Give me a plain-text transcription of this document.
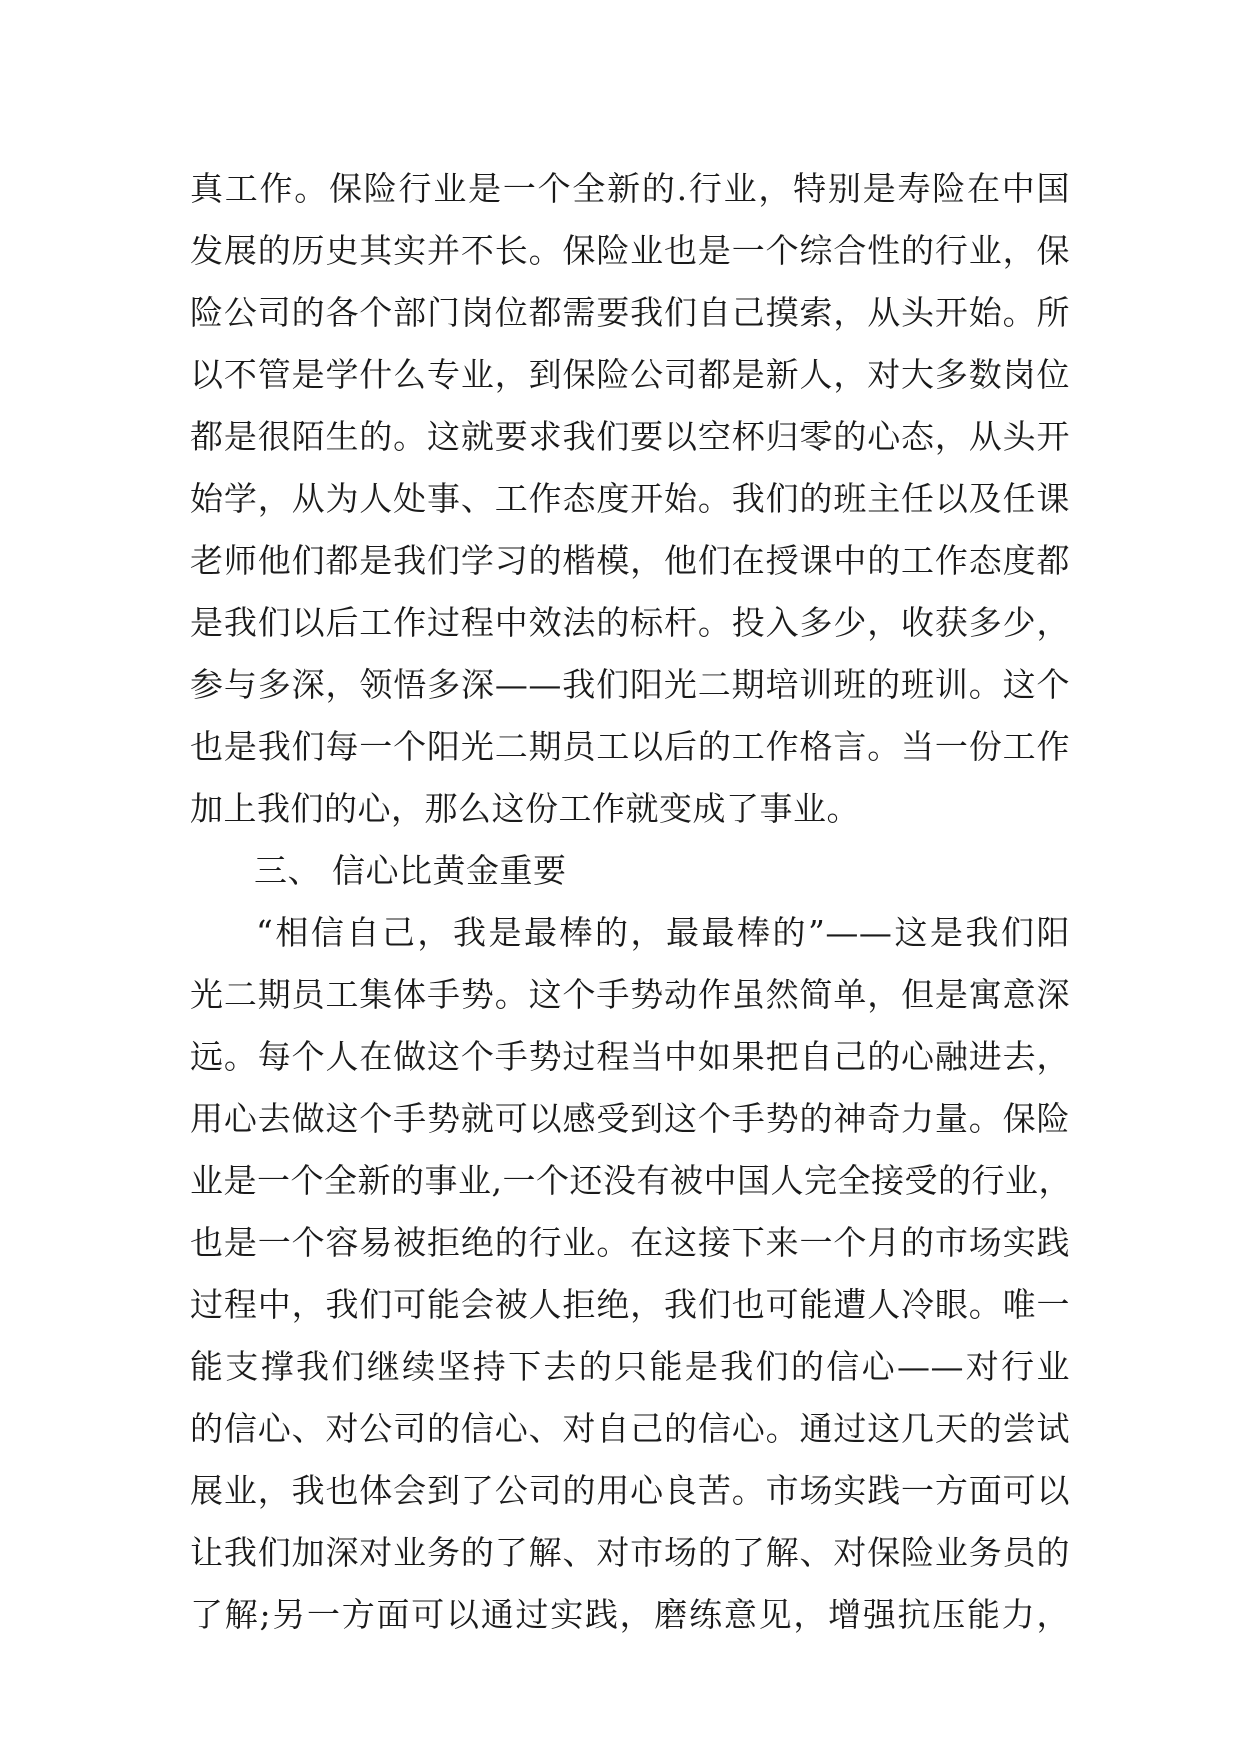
真工作。保险行业是一个全新的.行业，特别是寿险在中国
发展的历史其实并不长。保险业也是一个综合性的行业，保
险公司的各个部门岗位都需要我们自己摸索，从头开始。所
以不管是学什么专业，到保险公司都是新人，对大多数岗位
都是很陌生的。这就要求我们要以空杯归零的心态，从头开
始学，从为人处事、工作态度开始。我们的班主任以及任课
老师他们都是我们学习的楷模，他们在授课中的工作态度都
是我们以后工作过程中效法的标杆。投入多少，收获多少，
参与多深，领悟多深——我们阳光二期培训班的班训。这个
也是我们每一个阳光二期员工以后的工作格言。当一份工作
加上我们的心，那么这份工作就变成了事业。
三、 信心比黄金重要
“相信自己，我是最棒的，最最棒的”——这是我们阳
光二期员工集体手势。这个手势动作虽然简单，但是寓意深
远。每个人在做这个手势过程当中如果把自己的心融进去，
用心去做这个手势就可以感受到这个手势的神奇力量。保险
业是一个全新的事业,一个还没有被中国人完全接受的行业，
也是一个容易被拒绝的行业。在这接下来一个月的市场实践
过程中，我们可能会被人拒绝，我们也可能遭人冷眼。唯一
能支撑我们继续坚持下去的只能是我们的信心——对行业
的信心、对公司的信心、对自己的信心。通过这几天的尝试
展业，我也体会到了公司的用心良苦。市场实践一方面可以
让我们加深对业务的了解、对市场的了解、对保险业务员的
了解;另一方面可以通过实践，磨练意见，增强抗压能力，
